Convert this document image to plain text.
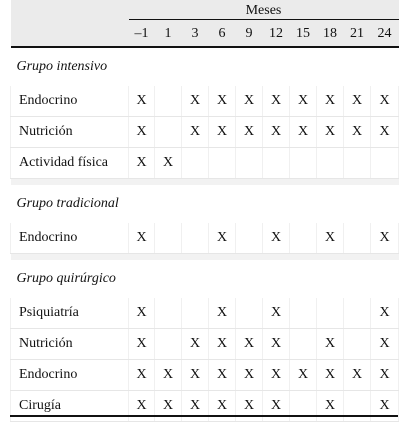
	Meses									

	–1	1	3	6	9	12	15	18	21	24
Grupo intensivo										
Endocrino	X		X	X	X	X	X	X	X	X
Nutrición	X		X	X	X	X	X	X	X	X
Actividad física	X	X								

Grupo tradicional										
Endocrino	X			X		X		X		X

Grupo quirúrgico										
Psiquiatría	X			X		X				X
Nutrición	X		X	X	X	X		X		X
Endocrino	X	X	X	X	X	X	X	X	X	X
Cirugía	X	X	X	X	X	X		X		X
